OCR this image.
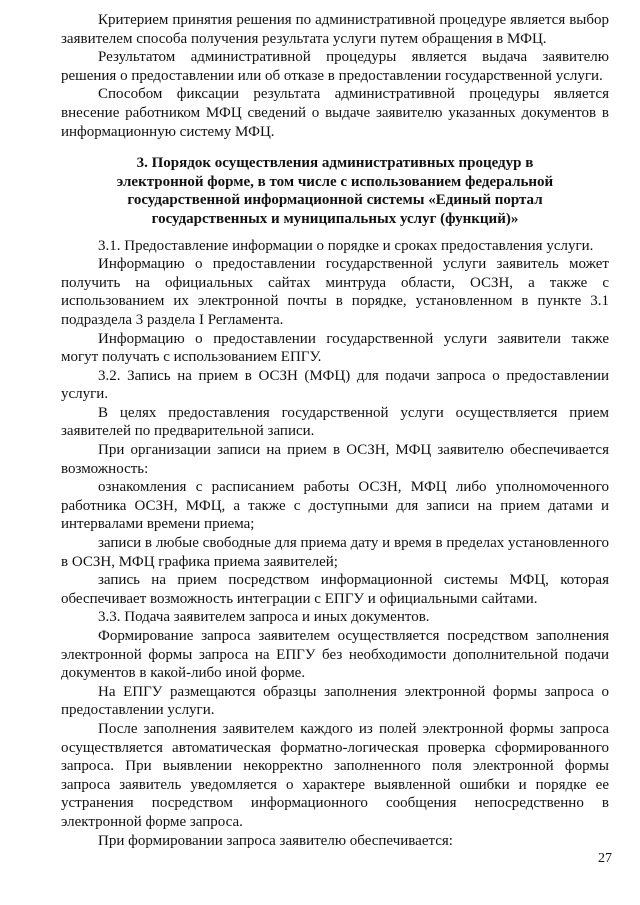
Критерием принятия решения по административной процедуре является выбор заявителем способа получения результата услуги путем обращения в МФЦ.

Результатом административной процедуры является выдача заявителю решения о предоставлении или об отказе в предоставлении государственной услуги.

Способом фиксации результата административной процедуры является внесение работником МФЦ сведений о выдаче заявителю указанных документов в информационную систему МФЦ.

3. Порядок осуществления административных процедур в
электронной форме, в том числе с использованием федеральной
государственной информационной системы «Единый портал
государственных и муниципальных услуг (функций)»

3.1. Предоставление информации о порядке и сроках предоставления услуги.

Информацию о предоставлении государственной услуги заявитель может получить на официальных сайтах минтруда области, ОСЗН, а также с использованием их электронной почты в порядке, установленном в пункте 3.1 подраздела 3 раздела I Регламента.

Информацию о предоставлении государственной услуги заявители также могут получать с использованием ЕПГУ.

3.2. Запись на прием в ОСЗН (МФЦ) для подачи запроса о предоставлении услуги.

В целях предоставления государственной услуги осуществляется прием заявителей по предварительной записи.

При организации записи на прием в ОСЗН, МФЦ заявителю обеспечивается возможность:

ознакомления с расписанием работы ОСЗН, МФЦ либо уполномоченного работника ОСЗН, МФЦ, а также с доступными для записи на прием датами и интервалами времени приема;

записи в любые свободные для приема дату и время в пределах установленного в ОСЗН, МФЦ графика приема заявителей;

запись на прием посредством информационной системы МФЦ, которая обеспечивает возможность интеграции с ЕПГУ и официальными сайтами.

3.3. Подача заявителем запроса и иных документов.

Формирование запроса заявителем осуществляется посредством заполнения электронной формы запроса на ЕПГУ без необходимости дополнительной подачи документов в какой-либо иной форме.

На ЕПГУ размещаются образцы заполнения электронной формы запроса о предоставлении услуги.

После заполнения заявителем каждого из полей электронной формы запроса осуществляется автоматическая форматно-логическая проверка сформированного запроса. При выявлении некорректно заполненного поля электронной формы запроса заявитель уведомляется о характере выявленной ошибки и порядке ее устранения посредством информационного сообщения непосредственно в электронной форме запроса.

При формировании запроса заявителю обеспечивается:

27
